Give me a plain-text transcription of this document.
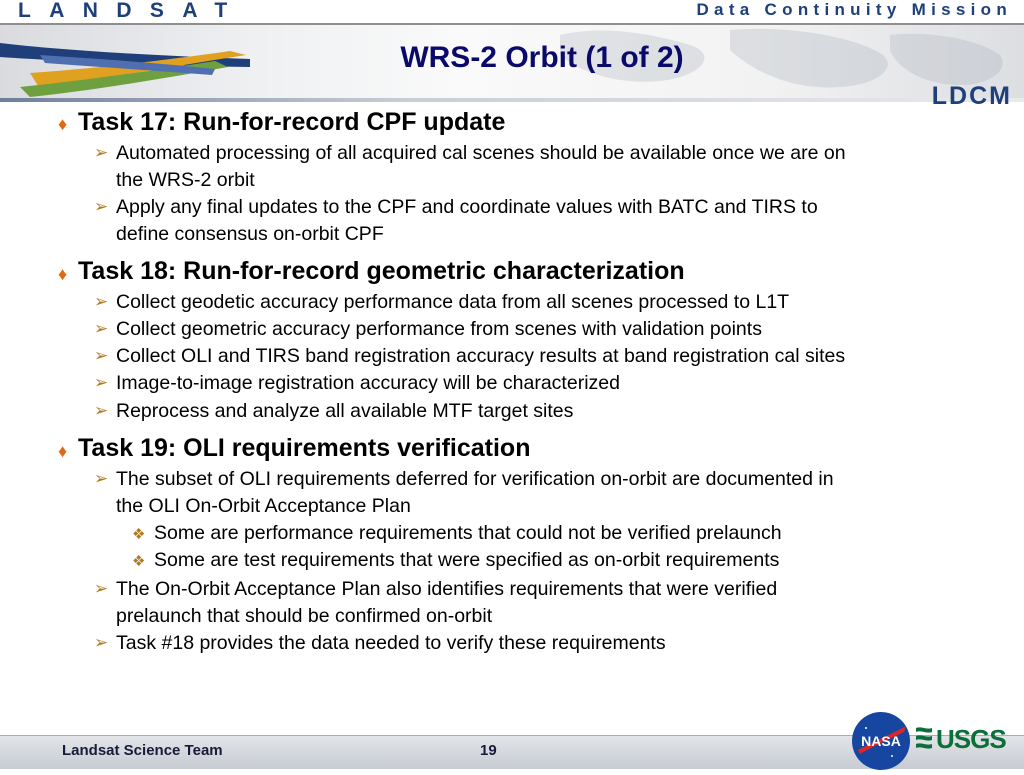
LANDSAT	Data Continuity Mission
WRS-2 Orbit (1 of 2)
LDCM
♦ Task 17: Run-for-record CPF update
➢ Automated processing of all acquired cal scenes should be available once we are on
the WRS-2 orbit
➢ Apply any final updates to the CPF and coordinate values with BATC and TIRS to
define consensus on-orbit CPF
♦ Task 18: Run-for-record geometric characterization
➢ Collect geodetic accuracy performance data from all scenes processed to L1T
➢ Collect geometric accuracy performance from scenes with validation points
➢ Collect OLI and TIRS band registration accuracy results at band registration cal sites
➢ Image-to-image registration accuracy will be characterized
➢ Reprocess and analyze all available MTF target sites
♦ Task 19: OLI requirements verification
➢ The subset of OLI requirements deferred for verification on-orbit are documented in
the OLI On-Orbit Acceptance Plan
❖ Some are performance requirements that could not be verified prelaunch
❖ Some are test requirements that were specified as on-orbit requirements
➢ The On-Orbit Acceptance Plan also identifies requirements that were verified
prelaunch that should be confirmed on-orbit
➢ Task #18 provides the data needed to verify these requirements
Landsat Science Team	19
NASA USGS
